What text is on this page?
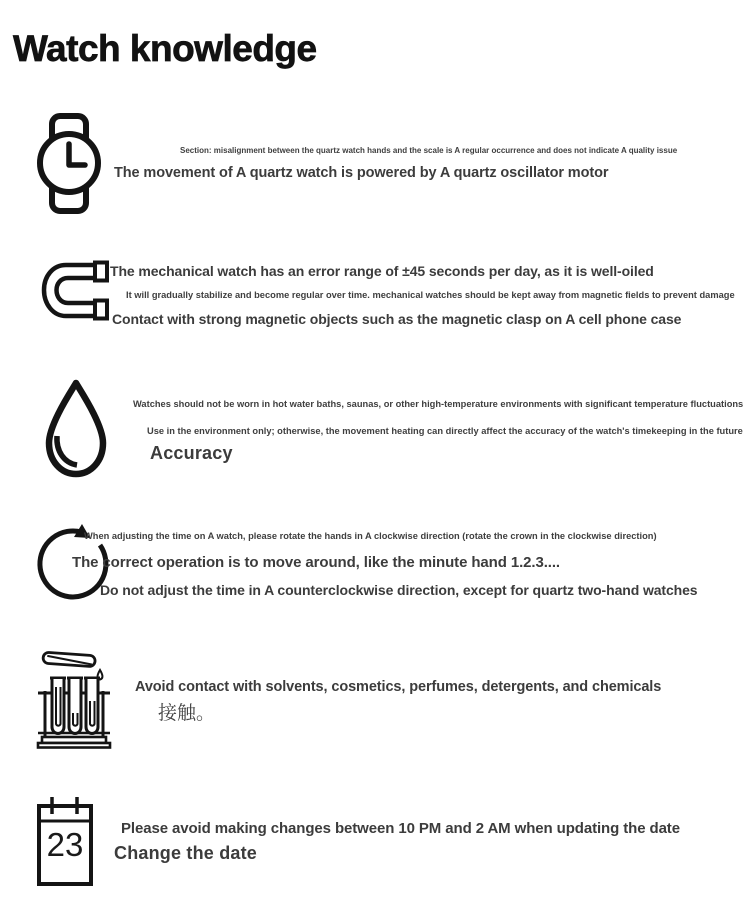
Watch knowledge
Section: misalignment between the quartz watch hands and the scale is A regular occurrence and does not indicate A quality issue
The movement of A quartz watch is powered by A quartz oscillator motor
The mechanical watch has an error range of ±45 seconds per day, as it is well-oiled
It will gradually stabilize and become regular over time. mechanical watches should be kept away from magnetic fields to prevent damage
Contact with strong magnetic objects such as the magnetic clasp on A cell phone case
Watches should not be worn in hot water baths, saunas, or other high-temperature environments with significant temperature fluctuations
Use in the environment only; otherwise, the movement heating can directly affect the accuracy of the watch's timekeeping in the future
Accuracy
When adjusting the time on A watch, please rotate the hands in A clockwise direction (rotate the crown in the clockwise direction)
The correct operation is to move around, like the minute hand 1.2.3....
Do not adjust the time in A counterclockwise direction, except for quartz two-hand watches
Avoid contact with solvents, cosmetics, perfumes, detergents, and chemicals
接触。
23	Please avoid making changes between 10 PM and 2 AM when updating the date
Change the date
